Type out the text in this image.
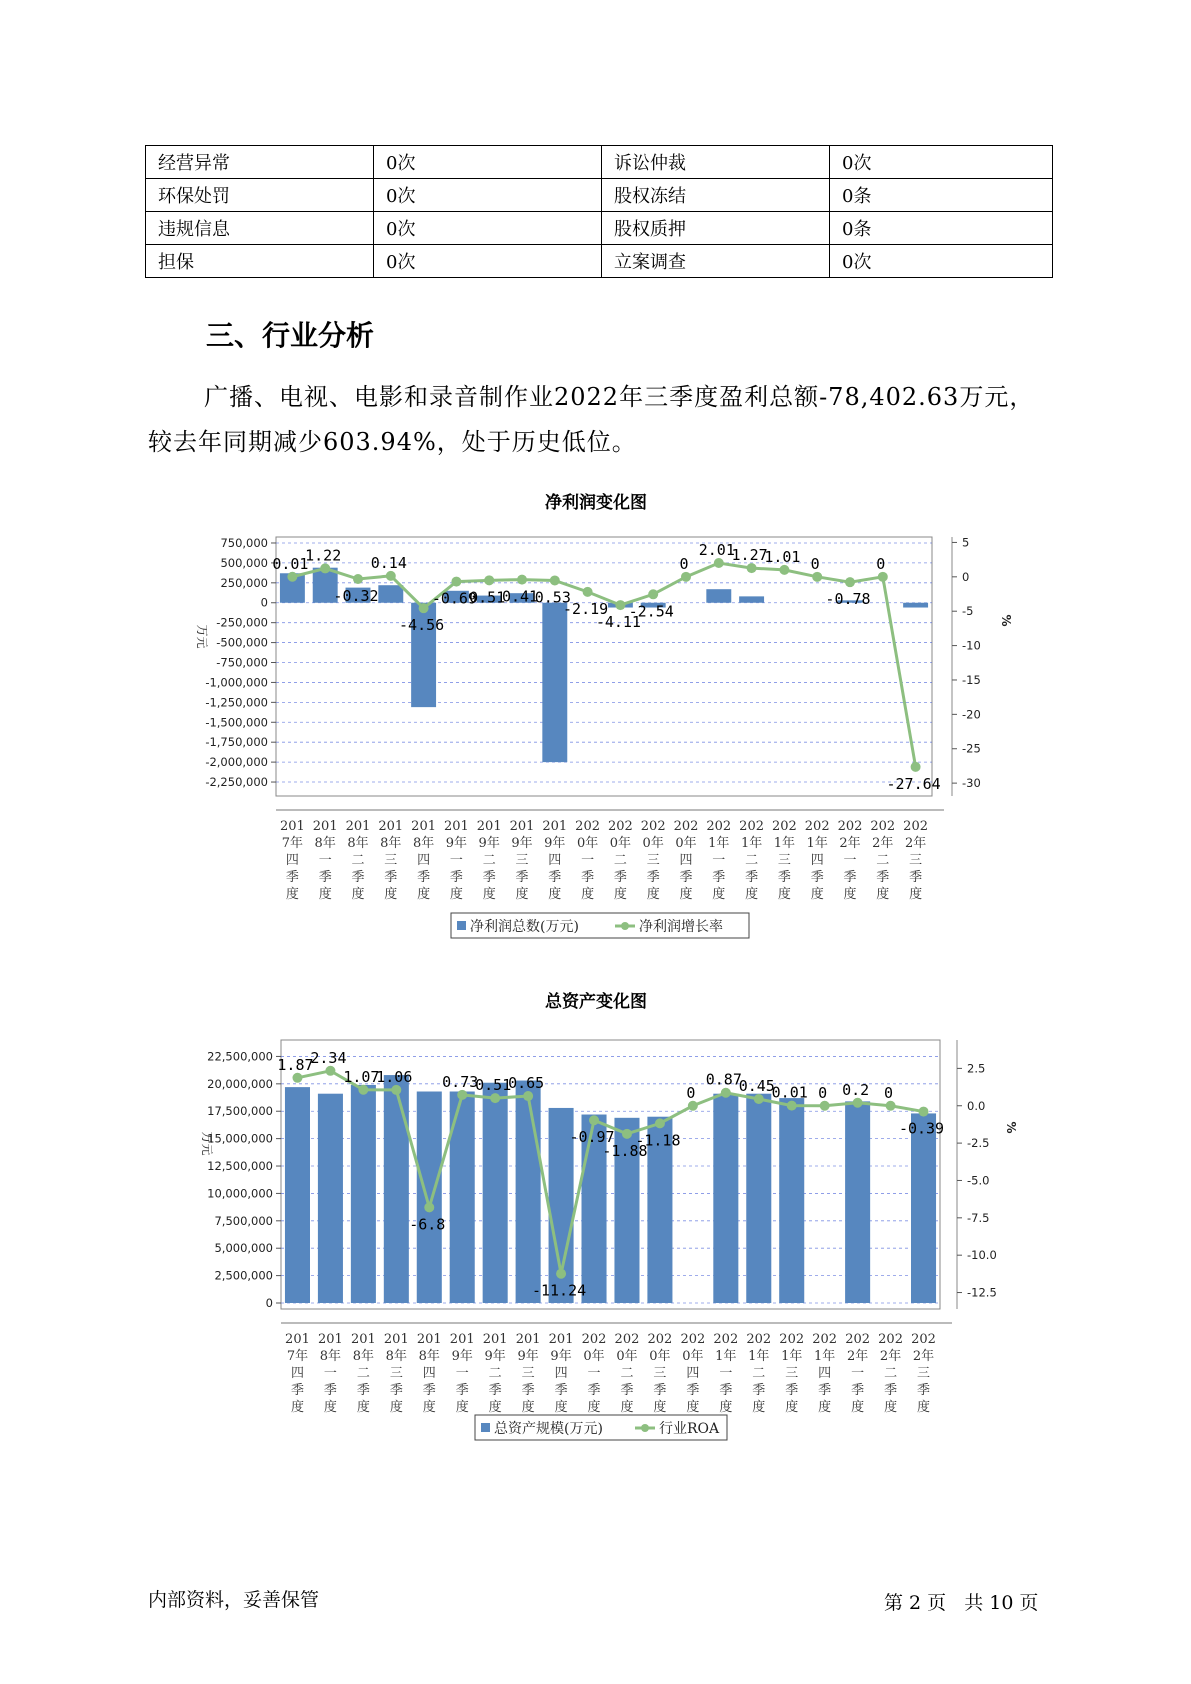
经营异常	0次	诉讼仲裁	0次
环保处罚	0次	股权冻结	0条
违规信息	0次	股权质押	0条
担保	0次	立案调查	0次
三、行业分析
广播、电视、电影和录音制作业2022年三季度盈利总额-78,402.63万元，较去年同期减少603.94%，处于历史低位。
净利润变化图
750,000
500,000
250,000
0
-250,000
-500,000
-750,000
-1,000,000
-1,250,000
-1,500,000
-1,750,000
-2,000,000
-2,250,000
5
0
-5
-10
-15
-20
-25
-30
万元
%
0.01
1.22
-0.32
0.14
-4.56
-0.69
0.51
0.41
0.53
-2.19
-4.11
-2.54
0
2.01
1.27
1.01 0
-0.78
0
-27.64
201
7年
四
季
度
201
8年
一
季
度
201
8年
二
季
度
201
8年
三
季
度
201
8年
四
季
度
201
9年
一
季
度
201
9年
二
季
度
201
9年
三
季
度
201
9年
四
季
度
202
0年
一
季
度
202
0年
二
季
度
202
0年
三
季
度
202
0年
四
季
度
202
1年
一
季
度
202
1年
二
季
度
202
1年
三
季
度
202
1年
四
季
度
202
2年
一
季
度
202
2年
二
季
度
202
2年
三
季
度
净利润总数(万元)	净利润增长率
总资产变化图
22,500,000
20,000,000
17,500,000
15,000,000
12,500,000
10,000,000
7,500,000
5,000,000
2,500,000
0
2.5
0.0
-2.5
-5.0
-7.5
-10.0
-12.5
万元
%
1.87
2.34
1.07
1.06
-6.8
0.73
0.51
0.65
-11.24
-0.97
-1.88
-1.18
0
0.87
0.45
0.01 0 0.2 0
-0.39
201
7年
四
季
度
201
8年
一
季
度
201
8年
二
季
度
201
8年
三
季
度
201
8年
四
季
度
201
9年
一
季
度
201
9年
二
季
度
201
9年
三
季
度
201
9年
四
季
度
202
0年
一
季
度
202
0年
二
季
度
202
0年
三
季
度
202
0年
四
季
度
202
1年
一
季
度
202
1年
二
季
度
202
1年
三
季
度
202
1年
四
季
度
202
2年
一
季
度
202
2年
二
季
度
202
2年
三
季
度
总资产规模(万元)	行业ROA
内部资料，妥善保管	第 2 页 共 10 页
